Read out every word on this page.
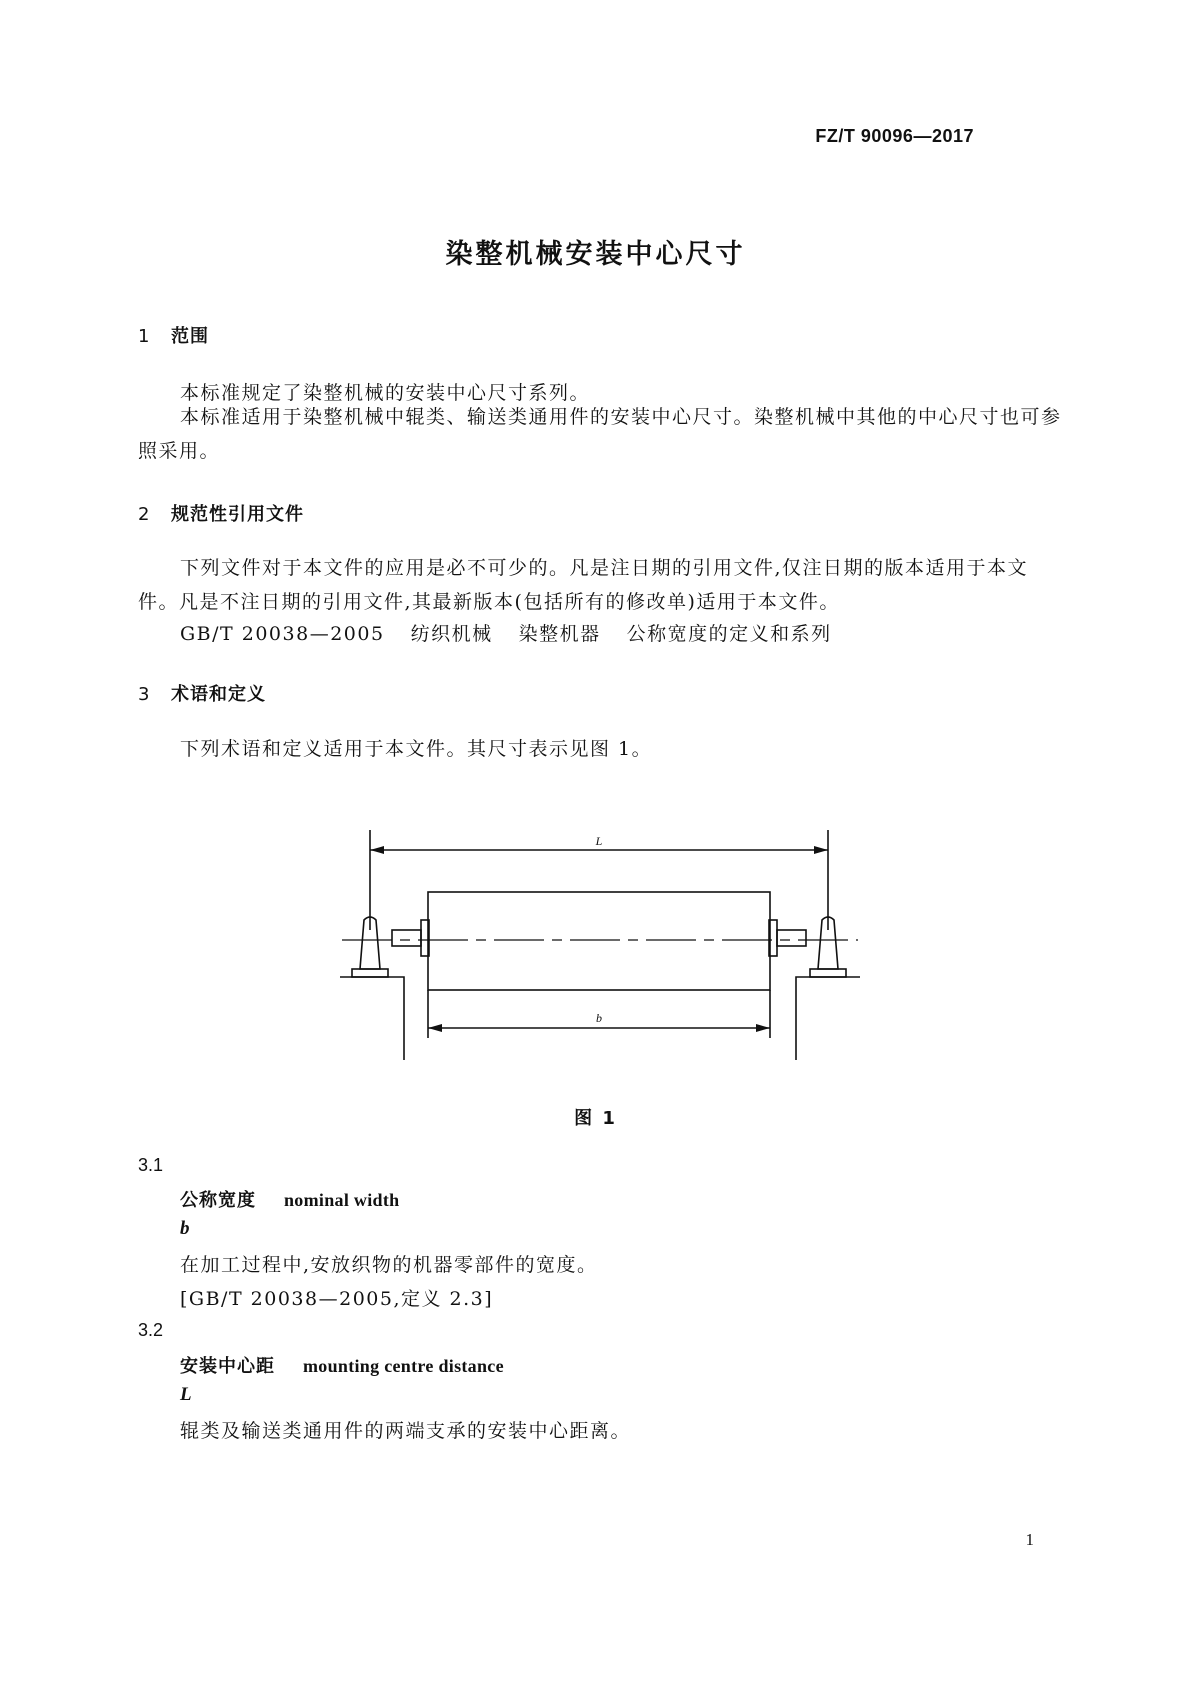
FZ/T 90096—2017
染整机械安装中心尺寸
1 范围
本标准规定了染整机械的安装中心尺寸系列。
本标准适用于染整机械中辊类、输送类通用件的安装中心尺寸。染整机械中其他的中心尺寸也可参照采用。
2 规范性引用文件
下列文件对于本文件的应用是必不可少的。凡是注日期的引用文件,仅注日期的版本适用于本文件。凡是不注日期的引用文件,其最新版本(包括所有的修改单)适用于本文件。
GB/T 20038—2005 纺织机械 染整机器 公称宽度的定义和系列
3 术语和定义
下列术语和定义适用于本文件。其尺寸表示见图 1。
L
b
图 1
3.1
公称宽度 nominal width
b
在加工过程中,安放织物的机器零部件的宽度。
[GB/T 20038—2005,定义 2.3]
3.2
安装中心距 mounting centre distance
L
辊类及输送类通用件的两端支承的安装中心距离。
1
